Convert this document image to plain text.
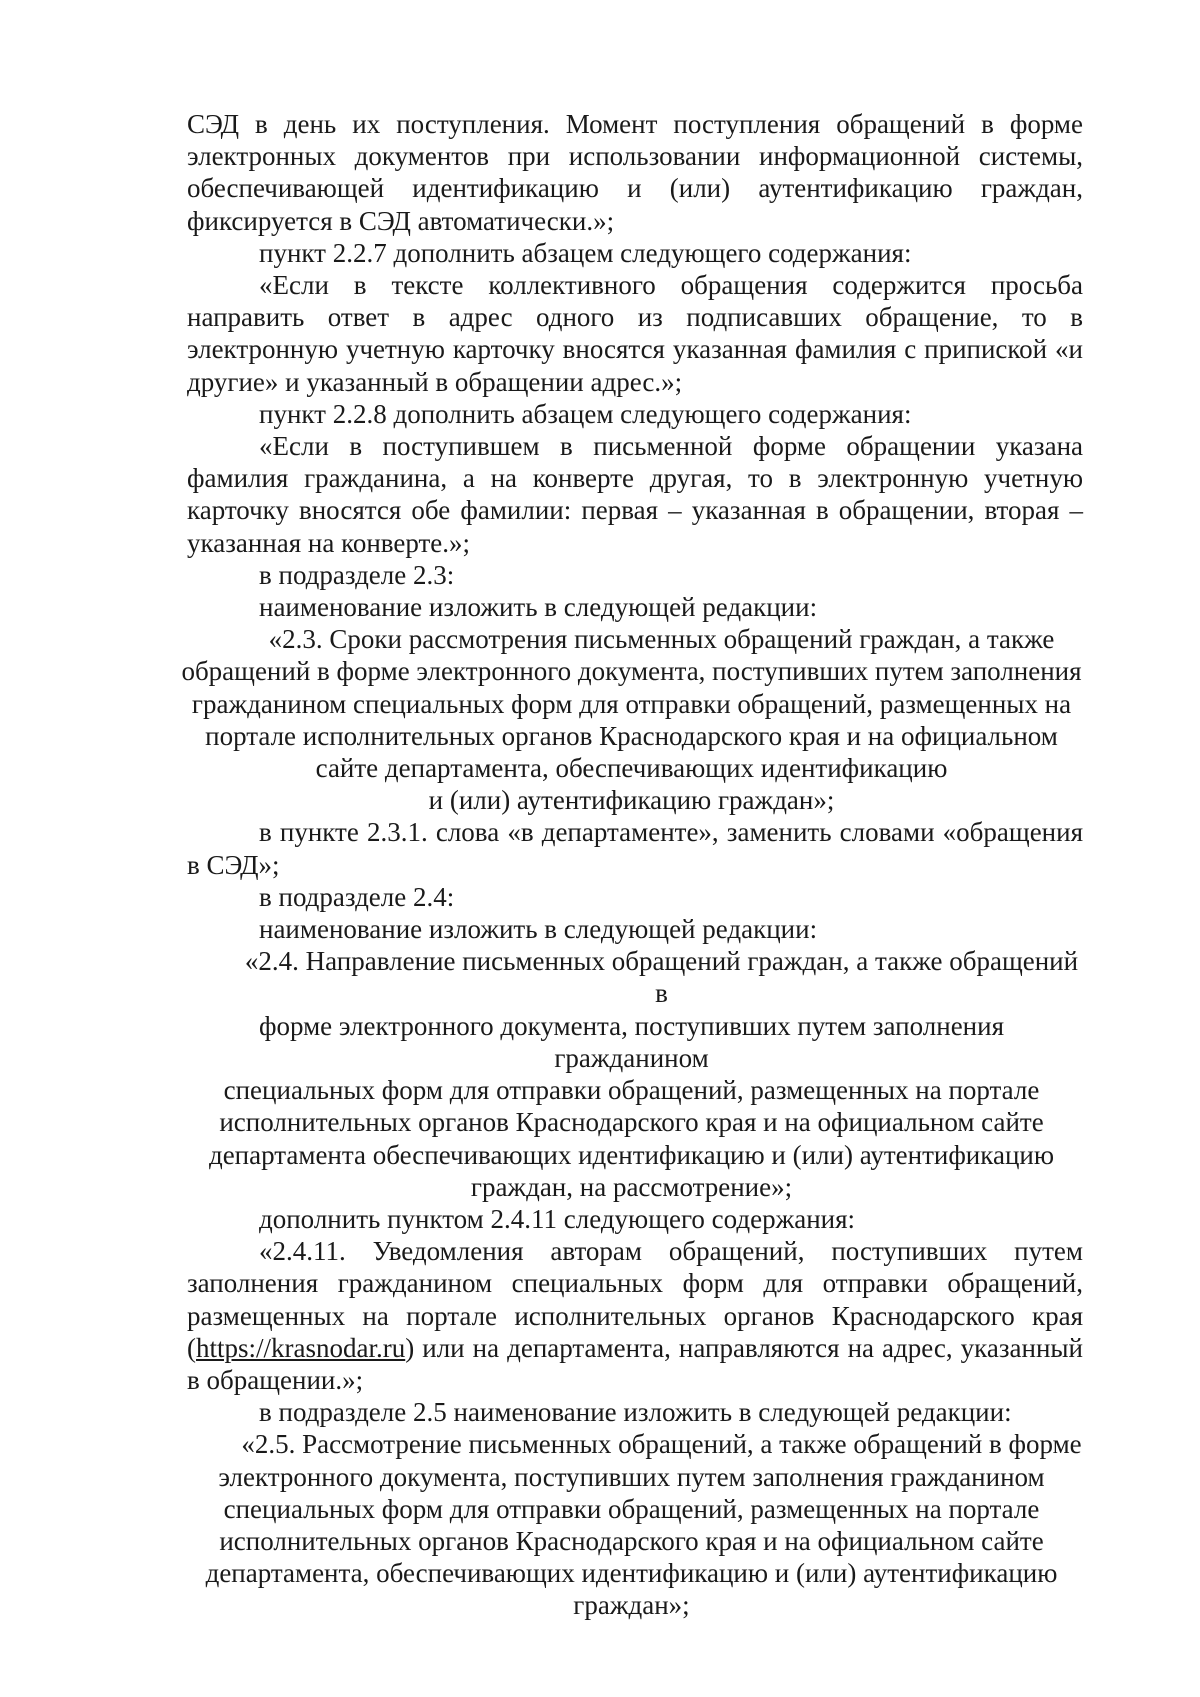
СЭД в день их поступления. Момент поступления обращений в форме электронных документов при использовании информационной системы, обеспечивающей идентификацию и (или) аутентификацию граждан, фиксируется в СЭД автоматически.»;

пункт 2.2.7 дополнить абзацем следующего содержания:

«Если в тексте коллективного обращения содержится просьба направить ответ в адрес одного из подписавших обращение, то в электронную учетную карточку вносятся указанная фамилия с припиской «и другие» и указанный в обращении адрес.»;

пункт 2.2.8 дополнить абзацем следующего содержания:

«Если в поступившем в письменной форме обращении указана фамилия гражданина, а на конверте другая, то в электронную учетную карточку вносятся обе фамилии: первая – указанная в обращении, вторая – указанная на конверте.»;

в подразделе 2.3:

наименование изложить в следующей редакции:

«2.3. Сроки рассмотрения письменных обращений граждан, а также
обращений в форме электронного документа, поступивших путем заполнения
гражданином специальных форм для отправки обращений, размещенных на
портале исполнительных органов Краснодарского края и на официальном
сайте департамента, обеспечивающих идентификацию
и (или) аутентификацию граждан»;

в пункте 2.3.1. слова «в департаменте», заменить словами «обращения в СЭД»;

в подразделе 2.4:

наименование изложить в следующей редакции:

«2.4. Направление письменных обращений граждан, а также обращений в
форме электронного документа, поступивших путем заполнения гражданином
специальных форм для отправки обращений, размещенных на портале
исполнительных органов Краснодарского края и на официальном сайте
департамента обеспечивающих идентификацию и (или) аутентификацию
граждан, на рассмотрение»;

дополнить пунктом 2.4.11 следующего содержания:

«2.4.11. Уведомления авторам обращений, поступивших путем заполнения гражданином специальных форм для отправки обращений, размещенных на портале исполнительных органов Краснодарского края (https://krasnodar.ru) или на департамента, направляются на адрес, указанный в обращении.»;

в подразделе 2.5 наименование изложить в следующей редакции:

«2.5. Рассмотрение письменных обращений, а также обращений в форме
электронного документа, поступивших путем заполнения гражданином
специальных форм для отправки обращений, размещенных на портале
исполнительных органов Краснодарского края и на официальном сайте
департамента, обеспечивающих идентификацию и (или) аутентификацию
граждан»;
